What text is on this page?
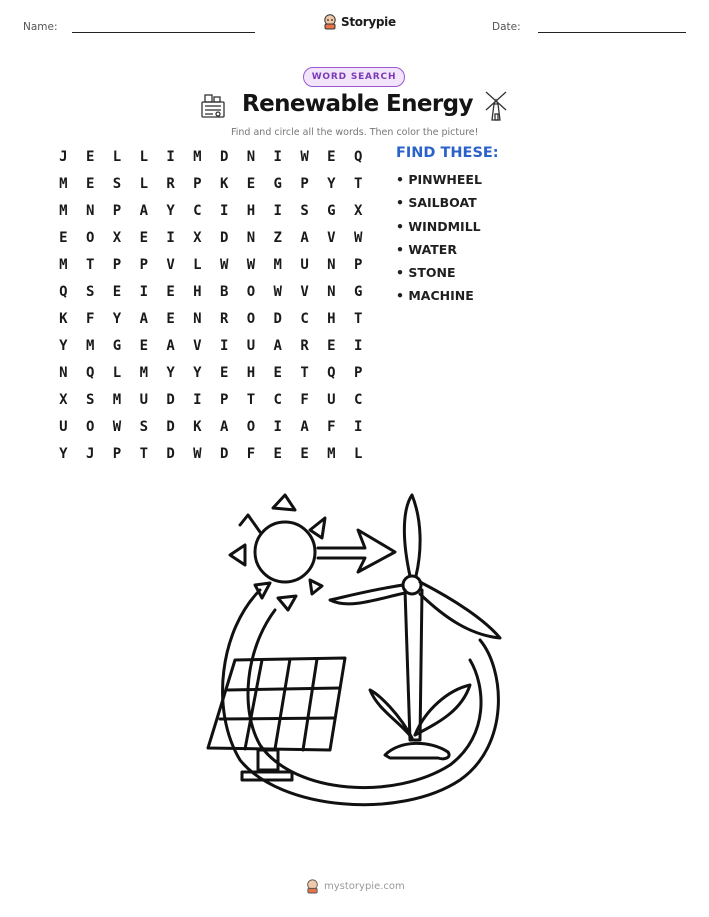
Name:	Storypie	Date:
WORD SEARCH
Renewable Energy
Find and circle all the words. Then color the picture!
J	E	L	L	I	M	D	N	I	W	E	Q
M	E	S	L	R	P	K	E	G	P	Y	T
M	N	P	A	Y	C	I	H	I	S	G	X
E	O	X	E	I	X	D	N	Z	A	V	W
M	T	P	P	V	L	W	W	M	U	N	P
Q	S	E	I	E	H	B	O	W	V	N	G
K	F	Y	A	E	N	R	O	D	C	H	T
Y	M	G	E	A	V	I	U	A	R	E	I
N	Q	L	M	Y	Y	E	H	E	T	Q	P
X	S	M	U	D	I	P	T	C	F	U	C
U	O	W	S	D	K	A	O	I	A	F	I
Y	J	P	T	D	W	D	F	E	E	M	L
FIND THESE:
• PINWHEEL
• SAILBOAT
• WINDMILL
• WATER
• STONE
• MACHINE
mystorypie.com
